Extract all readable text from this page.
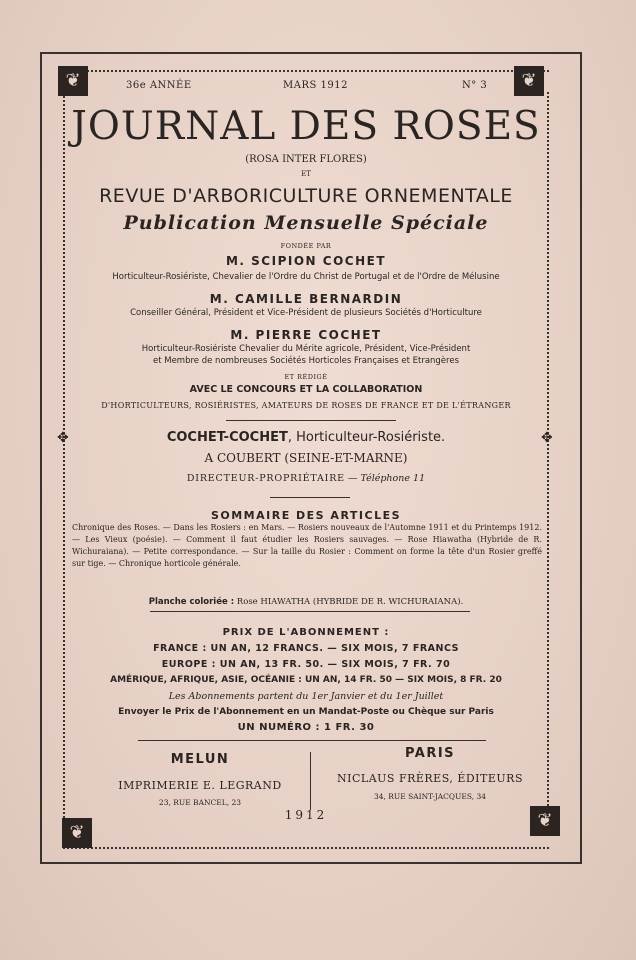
❦	❦
❦
❦
✥	✥
36e ANNÉE	MARS 1912	N° 3
JOURNAL DES ROSES
(ROSA INTER FLORES)
ET
REVUE D'ARBORICULTURE ORNEMENTALE
Publication Mensuelle Spéciale
FONDÉE PAR
M. SCIPION COCHET
Horticulteur-Rosiériste, Chevalier de l'Ordre du Christ de Portugal et de l'Ordre de Mélusine
M. CAMILLE BERNARDIN
Conseiller Général, Président et Vice-Président de plusieurs Sociétés d'Horticulture
M. PIERRE COCHET
Horticulteur-Rosiériste Chevalier du Mérite agricole, Président, Vice-Président
et Membre de nombreuses Sociétés Horticoles Françaises et Etrangères
ET RÉDIGÉ
AVEC LE CONCOURS ET LA COLLABORATION
D'HORTICULTEURS, ROSIÉRISTES, AMATEURS DE ROSES DE FRANCE ET DE L'ÉTRANGER
COCHET-COCHET, Horticulteur-Rosiériste.
A COUBERT (SEINE-ET-MARNE)
DIRECTEUR-PROPRIÉTAIRE — Téléphone 11
SOMMAIRE DES ARTICLES
Chronique des Roses. — Dans les Rosiers : en Mars. — Rosiers nouveaux de l'Automne 1911 et du Printemps 1912. — Les Vieux (poésie). — Comment il faut étudier les Rosiers sauvages. — Rose Hiawatha (Hybride de R. Wichuraiana). — Petite correspondance. — Sur la taille du Rosier : Comment on forme la tête d'un Rosier greffé sur tige. — Chronique horticole générale.
Planche coloriée : Rose HIAWATHA (HYBRIDE DE R. WICHURAIANA).
PRIX DE L'ABONNEMENT :
FRANCE : UN AN, 12 FRANCS. — SIX MOIS, 7 FRANCS
EUROPE : UN AN, 13 FR. 50. — SIX MOIS, 7 FR. 70
AMÉRIQUE, AFRIQUE, ASIE, OCÉANIE : UN AN, 14 FR. 50 — SIX MOIS, 8 FR. 20
Les Abonnements partent du 1er Janvier et du 1er Juillet
Envoyer le Prix de l'Abonnement en un Mandat-Poste ou Chèque sur Paris
UN NUMÉRO : 1 FR. 30
MELUN
IMPRIMERIE E. LEGRAND
23, RUE BANCEL, 23
PARIS
NICLAUS FRÈRES, ÉDITEURS
34, RUE SAINT-JACQUES, 34
1912
